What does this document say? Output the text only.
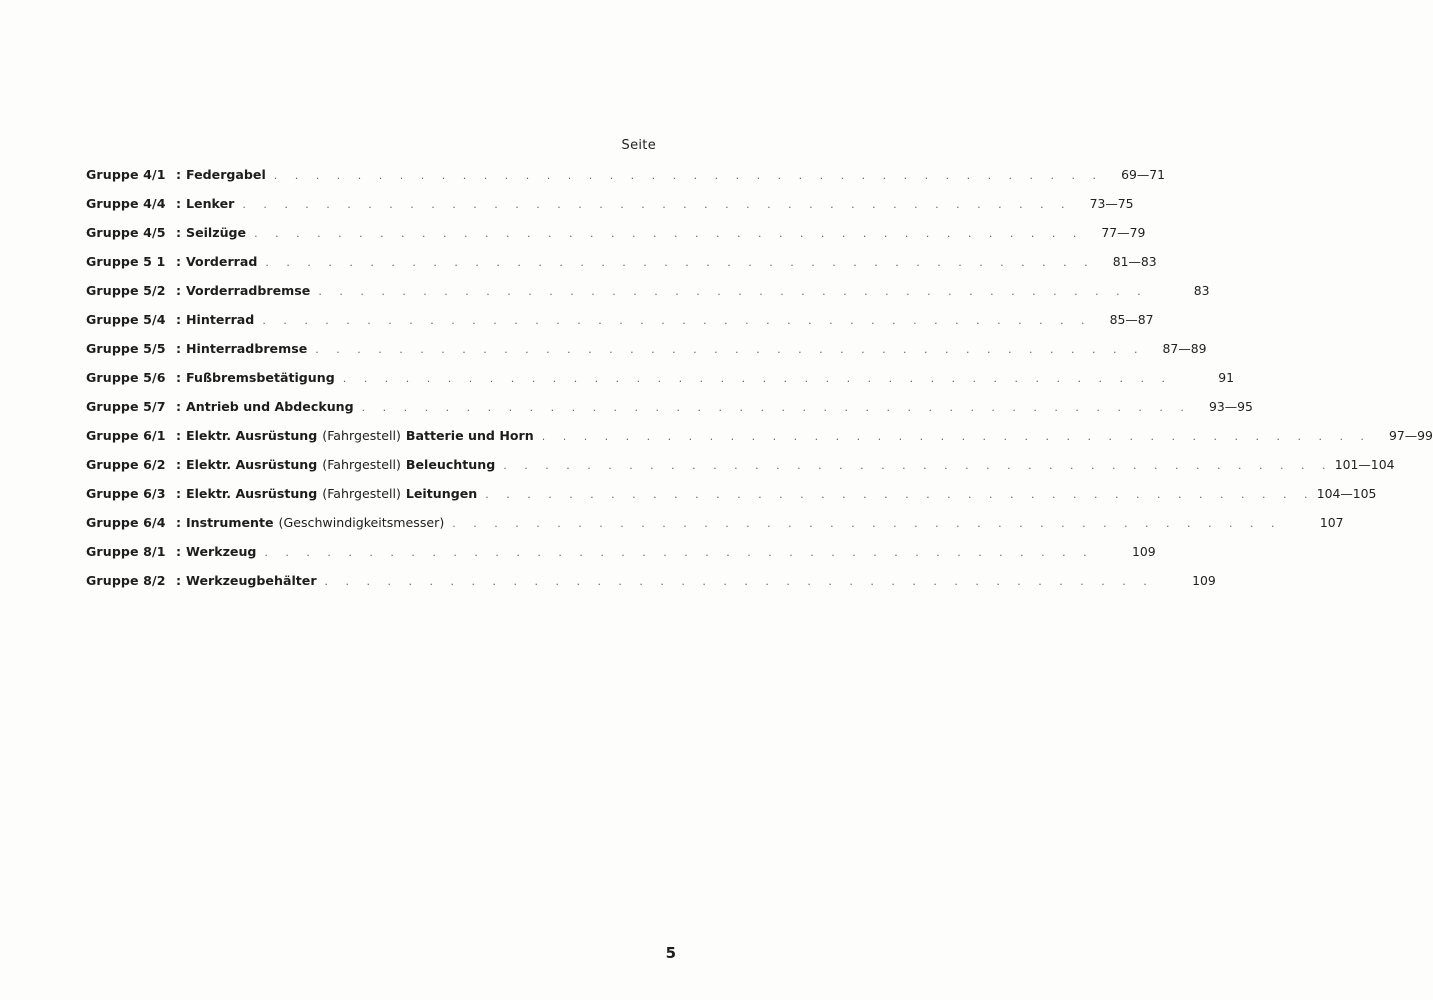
Seite
Gruppe 4/1 : Federgabel . . . . . . . . . . . . . . . . . . . . . . . . . . . . . . . . . . . . . . . .	69—71
Gruppe 4/4 : Lenker . . . . . . . . . . . . . . . . . . . . . . . . . . . . . . . . . . . . . . . .	73—75
Gruppe 4/5 : Seilzüge . . . . . . . . . . . . . . . . . . . . . . . . . . . . . . . . . . . . . . . .	77—79
Gruppe 5 1 : Vorderrad . . . . . . . . . . . . . . . . . . . . . . . . . . . . . . . . . . . . . . . .	81—83
Gruppe 5/2 : Vorderradbremse . . . . . . . . . . . . . . . . . . . . . . . . . . . . . . . . . . . . . . . .	83
Gruppe 5/4 : Hinterrad . . . . . . . . . . . . . . . . . . . . . . . . . . . . . . . . . . . . . . . .	85—87
Gruppe 5/5 : Hinterradbremse . . . . . . . . . . . . . . . . . . . . . . . . . . . . . . . . . . . . . . . .	87—89
Gruppe 5/6 : Fußbremsbetätigung . . . . . . . . . . . . . . . . . . . . . . . . . . . . . . . . . . . . . . . .	91
Gruppe 5/7 : Antrieb und Abdeckung . . . . . . . . . . . . . . . . . . . . . . . . . . . . . . . . . . . . . . . .	93—95
Gruppe 6/1 : Elektr. Ausrüstung (Fahrgestell) Batterie und Horn . . . . . . . . . . . . . . . . . . . . . . . . . . . . . . . . . . . . . . . .	97—99
Gruppe 6/2 : Elektr. Ausrüstung (Fahrgestell) Beleuchtung . . . . . . . . . . . . . . . . . . . . . . . . . . . . . . . . . . . . . . . . 101—104
Gruppe 6/3 : Elektr. Ausrüstung (Fahrgestell) Leitungen . . . . . . . . . . . . . . . . . . . . . . . . . . . . . . . . . . . . . . . . 104—105
Gruppe 6/4 : Instrumente (Geschwindigkeitsmesser) . . . . . . . . . . . . . . . . . . . . . . . . . . . . . . . . . . . . . . . .	107
Gruppe 8/1 : Werkzeug . . . . . . . . . . . . . . . . . . . . . . . . . . . . . . . . . . . . . . . .	109
Gruppe 8/2 : Werkzeugbehälter . . . . . . . . . . . . . . . . . . . . . . . . . . . . . . . . . . . . . . . .	109
5
